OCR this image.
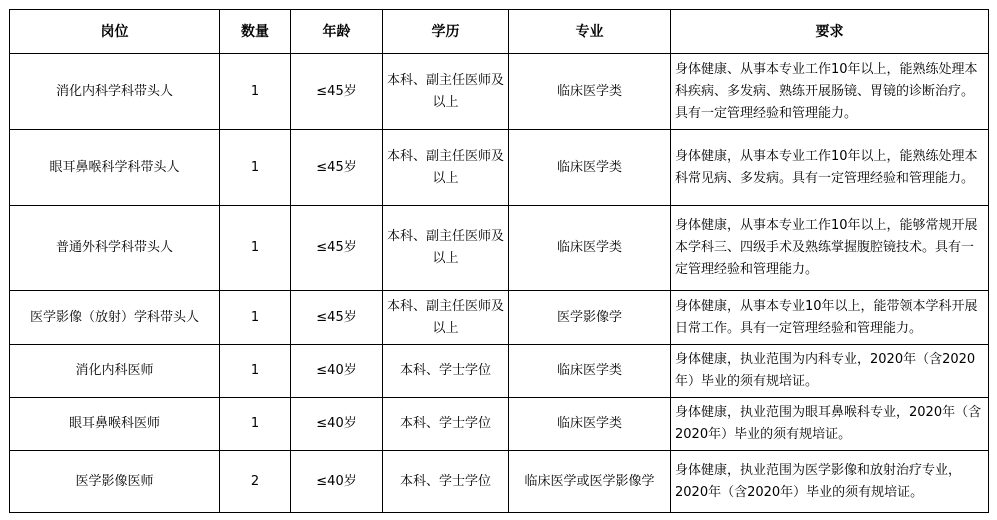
岗位	数量	年龄	学历	专业	要求
消化内科学科带头人	1	≤45岁	本科、副主任医师及以上	临床医学类	身体健康、从事本专业工作10年以上，能熟练处理本科疾病、多发病、熟练开展肠镜、胃镜的诊断治疗。具有一定管理经验和管理能力。
眼耳鼻喉科学科带头人	1	≤45岁	本科、副主任医师及以上	临床医学类	身体健康，从事本专业工作10年以上，能熟练处理本科常见病、多发病。具有一定管理经验和管理能力。
普通外科学科带头人	1	≤45岁	本科、副主任医师及以上	临床医学类	身体健康，从事本专业工作10年以上，能够常规开展本学科三、四级手术及熟练掌握腹腔镜技术。具有一定管理经验和管理能力。
医学影像（放射）学科带头人	1	≤45岁	本科、副主任医师及以上	医学影像学	身体健康，从事本专业10年以上，能带领本学科开展日常工作。具有一定管理经验和管理能力。
消化内科医师	1	≤40岁	本科、学士学位	临床医学类	身体健康，执业范围为内科专业，2020年（含2020年）毕业的须有规培证。
眼耳鼻喉科医师	1	≤40岁	本科、学士学位	临床医学类	身体健康，执业范围为眼耳鼻喉科专业，2020年（含2020年）毕业的须有规培证。
医学影像医师	2	≤40岁	本科、学士学位	临床医学或医学影像学	身体健康，执业范围为医学影像和放射治疗专业，2020年（含2020年）毕业的须有规培证。
